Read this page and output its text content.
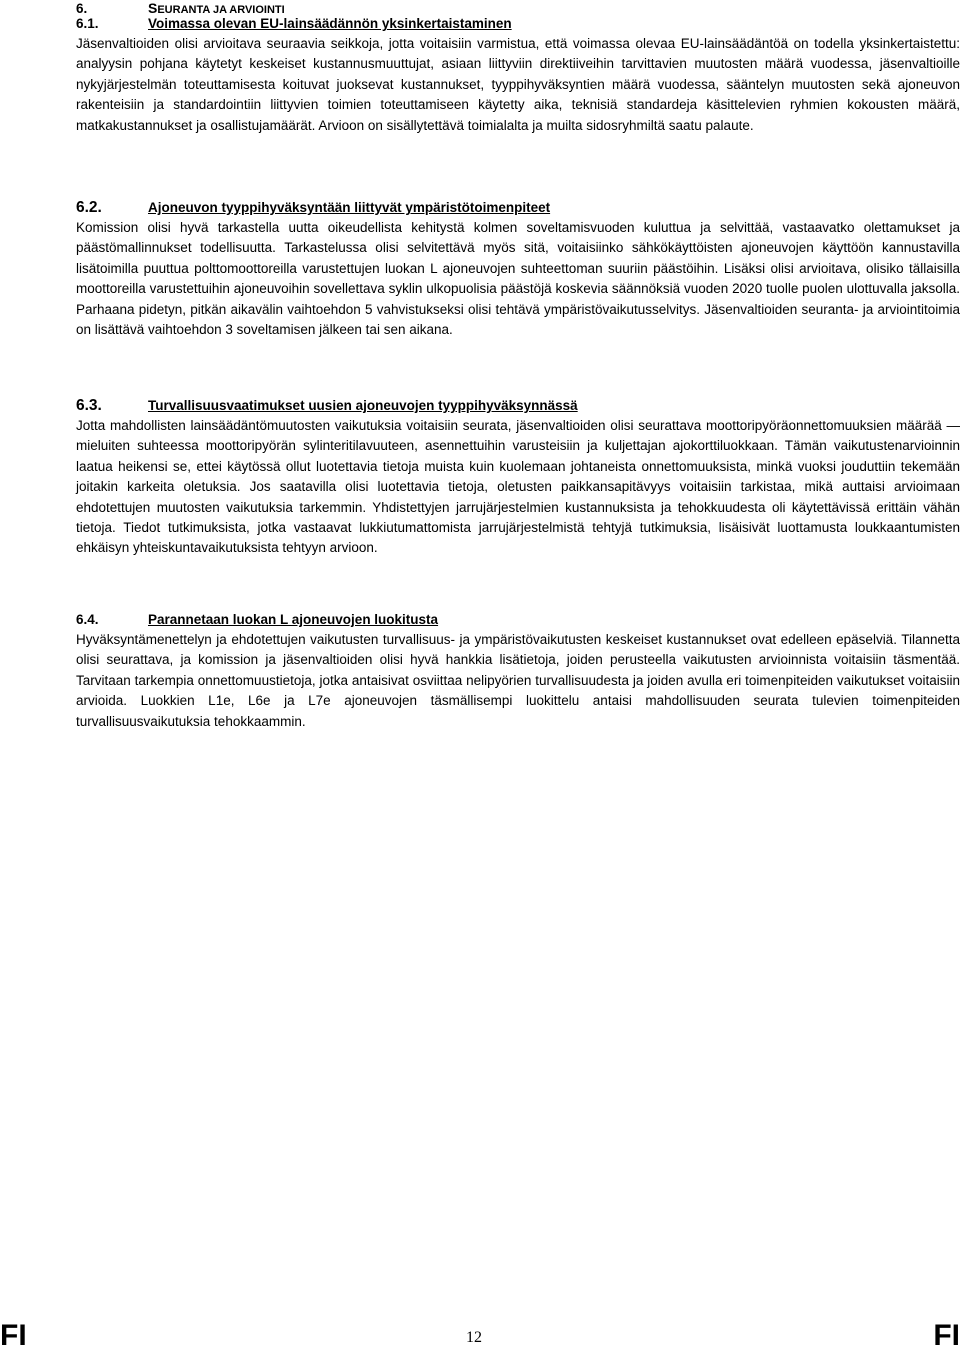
6.	SEURANTA JA ARVIOINTI
6.1.	Voimassa olevan EU-lainsäädännön yksinkertaistaminen

Jäsenvaltioiden olisi arvioitava seuraavia seikkoja, jotta voitaisiin varmistua, että voimassa olevaa EU-lainsäädäntöä on todella yksinkertaistettu: analyysin pohjana käytetyt keskeiset kustannusmuuttujat, asiaan liittyviin direktiiveihin tarvittavien muutosten määrä vuodessa, jäsenvaltioille nykyjärjestelmän toteuttamisesta koituvat juoksevat kustannukset, tyyppihyväksyntien määrä vuodessa, sääntelyn muutosten sekä ajoneuvon rakenteisiin ja standardointiin liittyvien toimien toteuttamiseen käytetty aika, teknisiä standardeja käsittelevien ryhmien kokousten määrä, matkakustannukset ja osallistujamäärät. Arvioon on sisällytettävä toimialalta ja muilta sidosryhmiltä saatu palaute.

6.2.	Ajoneuvon tyyppihyväksyntään liittyvät ympäristötoimenpiteet

Komission olisi hyvä tarkastella uutta oikeudellista kehitystä kolmen soveltamisvuoden kuluttua ja selvittää, vastaavatko olettamukset ja päästömallinnukset todellisuutta. Tarkastelussa olisi selvitettävä myös sitä, voitaisiinko sähkökäyttöisten ajoneuvojen käyttöön kannustavilla lisätoimilla puuttua polttomoottoreilla varustettujen luokan L ajoneuvojen suhteettoman suuriin päästöihin. Lisäksi olisi arvioitava, olisiko tällaisilla moottoreilla varustettuihin ajoneuvoihin sovellettava syklin ulkopuolisia päästöjä koskevia säännöksiä vuoden 2020 tuolle puolen ulottuvalla jaksolla. Parhaana pidetyn, pitkän aikavälin vaihtoehdon 5 vahvistukseksi olisi tehtävä ympäristövaikutusselvitys. Jäsenvaltioiden seuranta- ja arviointitoimia on lisättävä vaihtoehdon 3 soveltamisen jälkeen tai sen aikana.

6.3.	Turvallisuusvaatimukset uusien ajoneuvojen tyyppihyväksynnässä

Jotta mahdollisten lainsäädäntömuutosten vaikutuksia voitaisiin seurata, jäsenvaltioiden olisi seurattava moottoripyöräonnettomuuksien määrää — mieluiten suhteessa moottoripyörän sylinteritilavuuteen, asennettuihin varusteisiin ja kuljettajan ajokorttiluokkaan. Tämän vaikutustenarvioinnin laatua heikensi se, ettei käytössä ollut luotettavia tietoja muista kuin kuolemaan johtaneista onnettomuuksista, minkä vuoksi jouduttiin tekemään joitakin karkeita oletuksia. Jos saatavilla olisi luotettavia tietoja, oletusten paikkansapitävyys voitaisiin tarkistaa, mikä auttaisi arvioimaan ehdotettujen muutosten vaikutuksia tarkemmin. Yhdistettyjen jarrujärjestelmien kustannuksista ja tehokkuudesta oli käytettävissä erittäin vähän tietoja. Tiedot tutkimuksista, jotka vastaavat lukkiutumattomista jarrujärjestelmistä tehtyjä tutkimuksia, lisäisivät luottamusta loukkaantumisten ehkäisyn yhteiskuntavaikutuksista tehtyyn arvioon.

6.4.	Parannetaan luokan L ajoneuvojen luokitusta

Hyväksyntämenettelyn ja ehdotettujen vaikutusten turvallisuus- ja ympäristövaikutusten keskeiset kustannukset ovat edelleen epäselviä. Tilannetta olisi seurattava, ja komission ja jäsenvaltioiden olisi hyvä hankkia lisätietoja, joiden perusteella vaikutusten arvioinnista voitaisiin täsmentää. Tarvitaan tarkempia onnettomuustietoja, jotka antaisivat osviittaa nelipyörien turvallisuudesta ja joiden avulla eri toimenpiteiden vaikutukset voitaisiin arvioida. Luokkien L1e, L6e ja L7e ajoneuvojen täsmällisempi luokittelu antaisi mahdollisuuden seurata tulevien toimenpiteiden turvallisuusvaikutuksia tehokkaammin.

FI	12	FI
